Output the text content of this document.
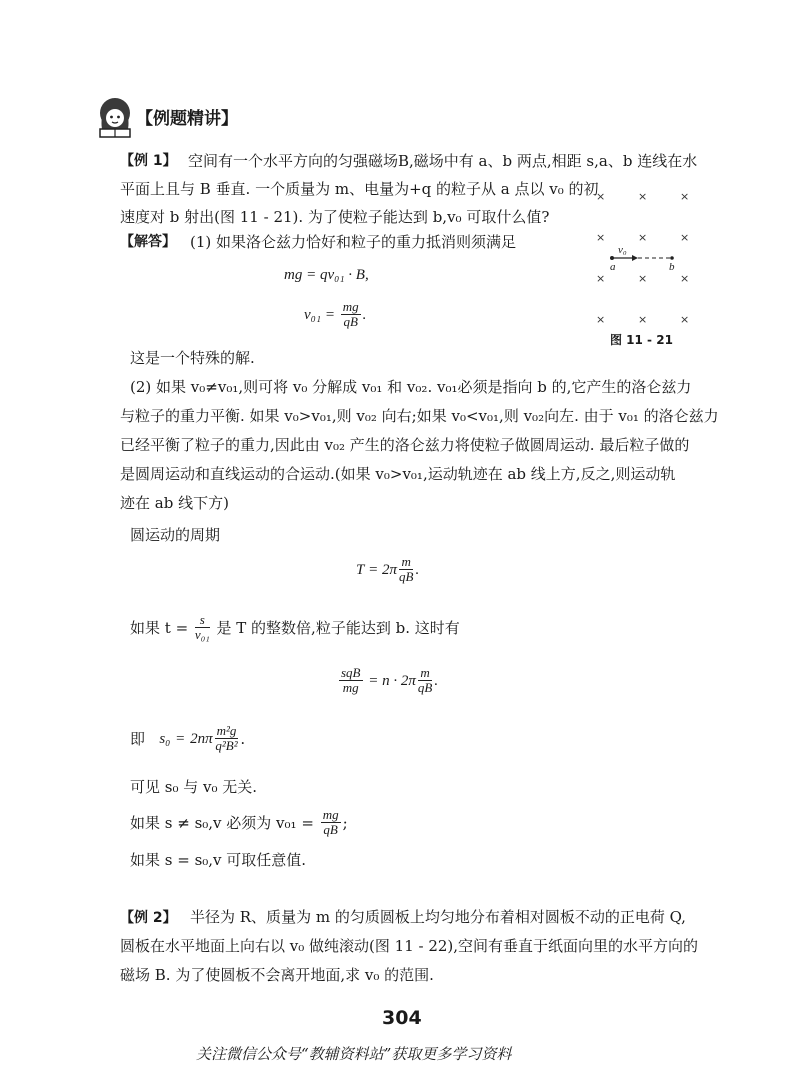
【例题精讲】
【例 1】 空间有一个水平方向的匀强磁场B,磁场中有 a、b 两点,相距 s,a、b 连线在水
平面上且与 B 垂直. 一个质量为 m、电量为+q 的粒子从 a 点以 v₀ 的初
速度对 b 射出(图 11 - 21). 为了使粒子能达到 b,v₀ 可取什么值?
【解答】 (1) 如果洛仑兹力恰好和粒子的重力抵消则须满足
mg = qv₀₁ · B,
$v_{01} = \frac{mg}{qB}$ .
这是一个特殊的解.
×	×	×
×	×	×
×	×	×
×	×	×
v₀
a	b
图 11 - 21
(2) 如果 v₀≠v₀₁,则可将 v₀ 分解成 v₀₁ 和 v₀₂. v₀₁必须是指向 b 的,它产生的洛仑兹力
与粒子的重力平衡. 如果 v₀>v₀₁,则 v₀₂ 向右;如果 v₀<v₀₁,则 v₀₂向左. 由于 v₀₁ 的洛仑兹力
已经平衡了粒子的重力,因此由 v₀₂ 产生的洛仑兹力将使粒子做圆周运动. 最后粒子做的
是圆周运动和直线运动的合运动.(如果 v₀>v₀₁,运动轨迹在 ab 线上方,反之,则运动轨
迹在 ab 线下方)
圆运动的周期
$T = 2\pi \frac{m}{qB}$ .
如果 $t = \frac{s}{\text{v₀₁}}$ 是 T 的整数倍,粒子能达到 b. 这时有
$\frac{\text{sqB}}{mg} = n \cdot 2\pi \frac{m}{qB}$ .
即 $s_0 = 2n\pi \frac{\text{m²g}}{\text{q²B²}}$ .
可见 s₀ 与 v₀ 无关.
如果 s ≠ s₀,v 必须为 $v_{01} = \frac{mg}{qB}$ ;
如果 s = s₀,v 可取任意值.
【例 2】 半径为 R、质量为 m 的匀质圆板上均匀地分布着相对圆板不动的正电荷 Q,
圆板在水平地面上向右以 v₀ 做纯滚动(图 11 - 22),空间有垂直于纸面向里的水平方向的
磁场 B. 为了使圆板不会离开地面,求 v₀ 的范围.
304
关注微信公众号“教辅资料站”获取更多学习资料
